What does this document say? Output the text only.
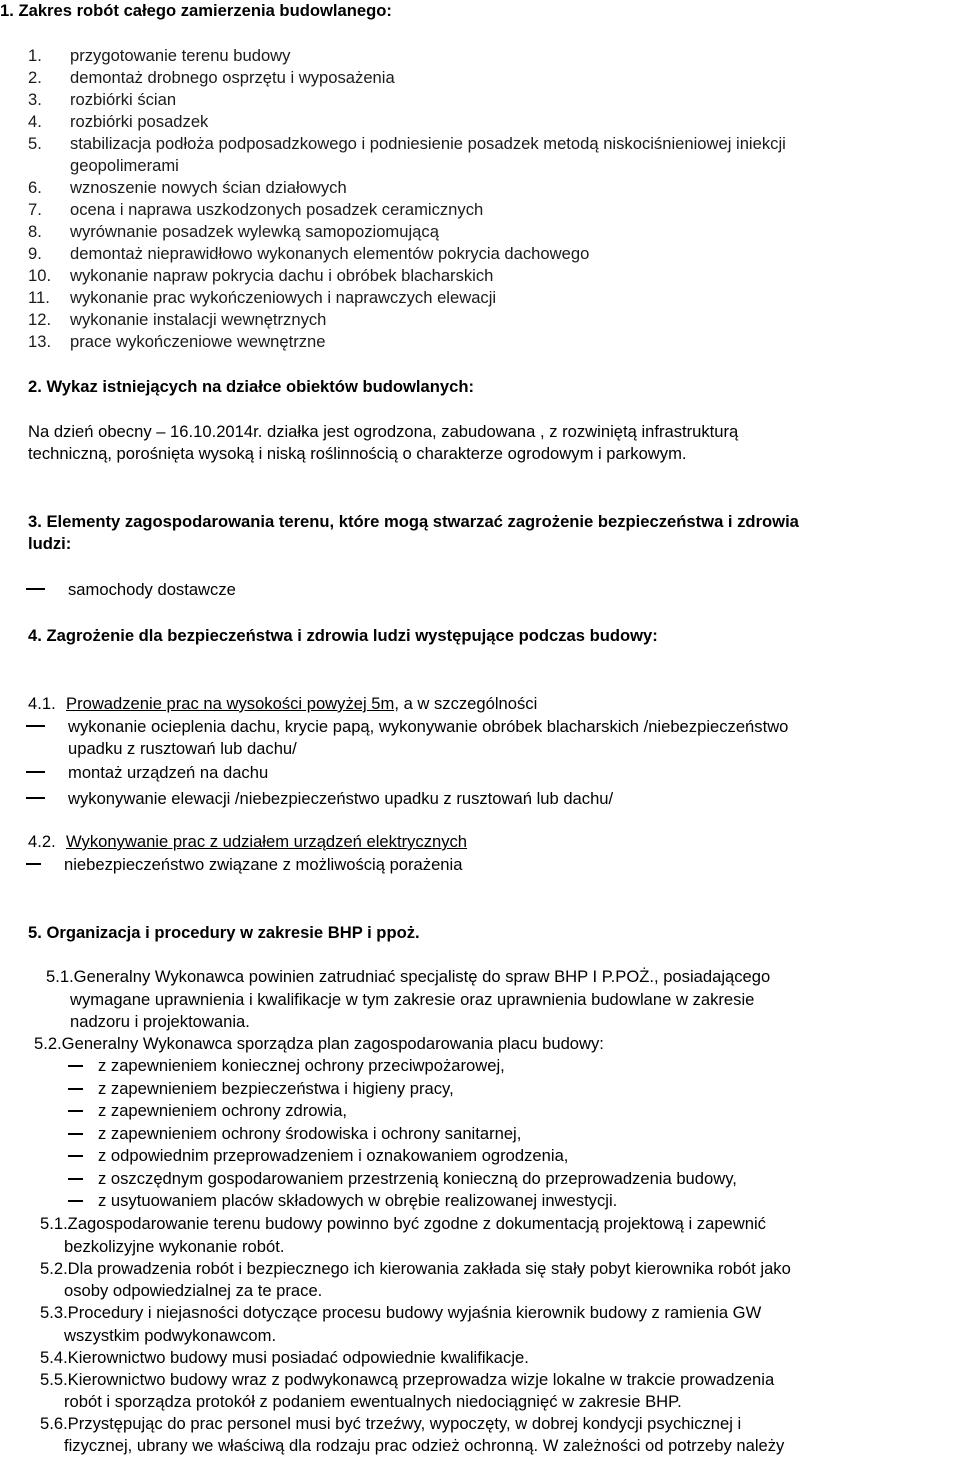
1. Zakres robót całego zamierzenia budowlanego:
1. przygotowanie terenu budowy
2. demontaż drobnego osprzętu i wyposażenia
3. rozbiórki ścian
4. rozbiórki posadzek
5. stabilizacja podłoża podposadzkowego i podniesienie posadzek metodą niskociśnieniowej iniekcji
geopolimerami
6. wznoszenie nowych ścian działowych
7. ocena i naprawa uszkodzonych posadzek ceramicznych
8. wyrównanie posadzek wylewką samopoziomującą
9. demontaż nieprawidłowo wykonanych elementów pokrycia dachowego
10. wykonanie napraw pokrycia dachu i obróbek blacharskich
11. wykonanie prac wykończeniowych i naprawczych elewacji
12. wykonanie instalacji wewnętrznych
13. prace wykończeniowe wewnętrzne
2. Wykaz istniejących na działce obiektów budowlanych:
Na dzień obecny – 16.10.2014r. działka jest ogrodzona, zabudowana , z rozwiniętą infrastrukturą
techniczną, porośnięta wysoką i niską roślinnością o charakterze ogrodowym i parkowym.
3. Elementy zagospodarowania terenu, które mogą stwarzać zagrożenie bezpieczeństwa i zdrowia
ludzi:
samochody dostawcze
4. Zagrożenie dla bezpieczeństwa i zdrowia ludzi występujące podczas budowy:
4.1. Prowadzenie prac na wysokości powyżej 5m, a w szczególności
wykonanie ocieplenia dachu, krycie papą, wykonywanie obróbek blacharskich /niebezpieczeństwo
upadku z rusztowań lub dachu/
montaż urządzeń na dachu
wykonywanie elewacji /niebezpieczeństwo upadku z rusztowań lub dachu/
4.2. Wykonywanie prac z udziałem urządzeń elektrycznych
niebezpieczeństwo związane z możliwością porażenia
5. Organizacja i procedury w zakresie BHP i ppoż.
5.1.Generalny Wykonawca powinien zatrudniać specjalistę do spraw BHP I P.POŻ., posiadającego
wymagane uprawnienia i kwalifikacje w tym zakresie oraz uprawnienia budowlane w zakresie
nadzoru i projektowania.
5.2.Generalny Wykonawca sporządza plan zagospodarowania placu budowy:
z zapewnieniem koniecznej ochrony przeciwpożarowej,
z zapewnieniem bezpieczeństwa i higieny pracy,
z zapewnieniem ochrony zdrowia,
z zapewnieniem ochrony środowiska i ochrony sanitarnej,
z odpowiednim przeprowadzeniem i oznakowaniem ogrodzenia,
z oszczędnym gospodarowaniem przestrzenią konieczną do przeprowadzenia budowy,
z usytuowaniem placów składowych w obrębie realizowanej inwestycji.
5.1.Zagospodarowanie terenu budowy powinno być zgodne z dokumentacją projektową i zapewnić
bezkolizyjne wykonanie robót.
5.2.Dla prowadzenia robót i bezpiecznego ich kierowania zakłada się stały pobyt kierownika robót jako
osoby odpowiedzialnej za te prace.
5.3.Procedury i niejasności dotyczące procesu budowy wyjaśnia kierownik budowy z ramienia GW
wszystkim podwykonawcom.
5.4.Kierownictwo budowy musi posiadać odpowiednie kwalifikacje.
5.5.Kierownictwo budowy wraz z podwykonawcą przeprowadza wizje lokalne w trakcie prowadzenia
robót i sporządza protokół z podaniem ewentualnych niedociągnięć w zakresie BHP.
5.6.Przystępując do prac personel musi być trzeźwy, wypoczęty, w dobrej kondycji psychicznej i
fizycznej, ubrany we właściwą dla rodzaju prac odzież ochronną. W zależności od potrzeby należy
